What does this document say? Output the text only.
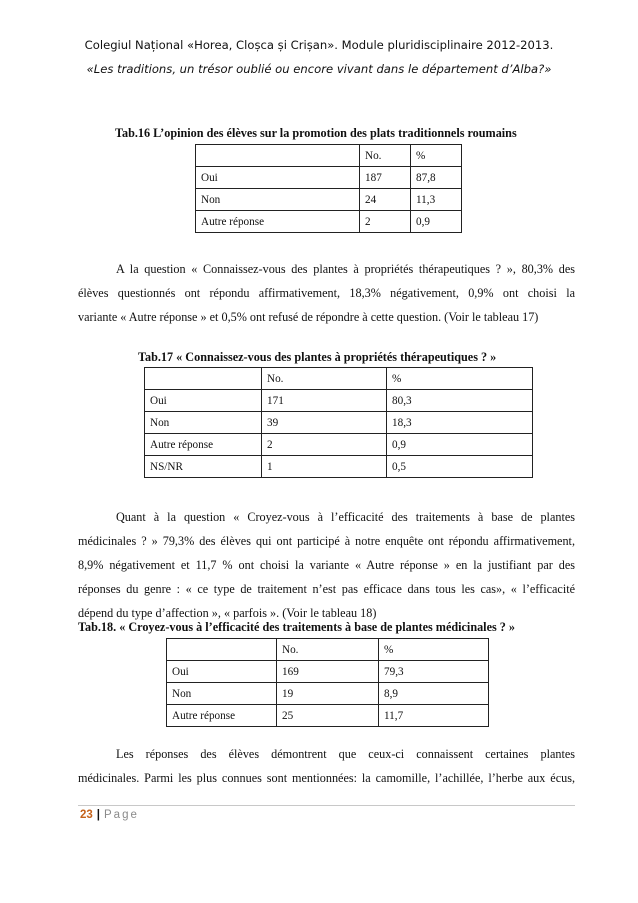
Colegiul Național «Horea, Cloșca și Crișan». Module pluridisciplinaire 2012-2013.
«Les traditions, un trésor oublié ou encore vivant dans le département d’Alba?»
Tab.16 L’opinion des élèves sur la promotion des plats traditionnels roumains
	No.	%
Oui	187	87,8
Non	24	11,3
Autre réponse	2	0,9
A la question « Connaissez-vous des plantes à propriétés thérapeutiques ? », 80,3% des
élèves questionnés ont répondu affirmativement, 18,3% négativement, 0,9% ont choisi la
variante « Autre réponse » et 0,5% ont refusé de répondre à cette question. (Voir le tableau 17)
Tab.17 « Connaissez-vous des plantes à propriétés thérapeutiques ? »
	No.	%
Oui	171	80,3
Non	39	18,3
Autre réponse	2	0,9
NS/NR	1	0,5
Quant à la question « Croyez-vous à l’efficacité des traitements à base de plantes
médicinales ? » 79,3% des élèves qui ont participé à notre enquête ont répondu affirmativement,
8,9% négativement et 11,7 % ont choisi la variante « Autre réponse » en la justifiant par des
réponses du genre : « ce type de traitement n’est pas efficace dans tous les cas», « l’efficacité
dépend du type d’affection », « parfois ». (Voir le tableau 18)
Tab.18. « Croyez-vous à l’efficacité des traitements à base de plantes médicinales ? »
	No.	%
Oui	169	79,3
Non	19	8,9
Autre réponse	25	11,7
Les réponses des élèves démontrent que ceux-ci connaissent certaines plantes
médicinales. Parmi les plus connues sont mentionnées: la camomille, l’achillée, l’herbe aux écus,
23 | Page
